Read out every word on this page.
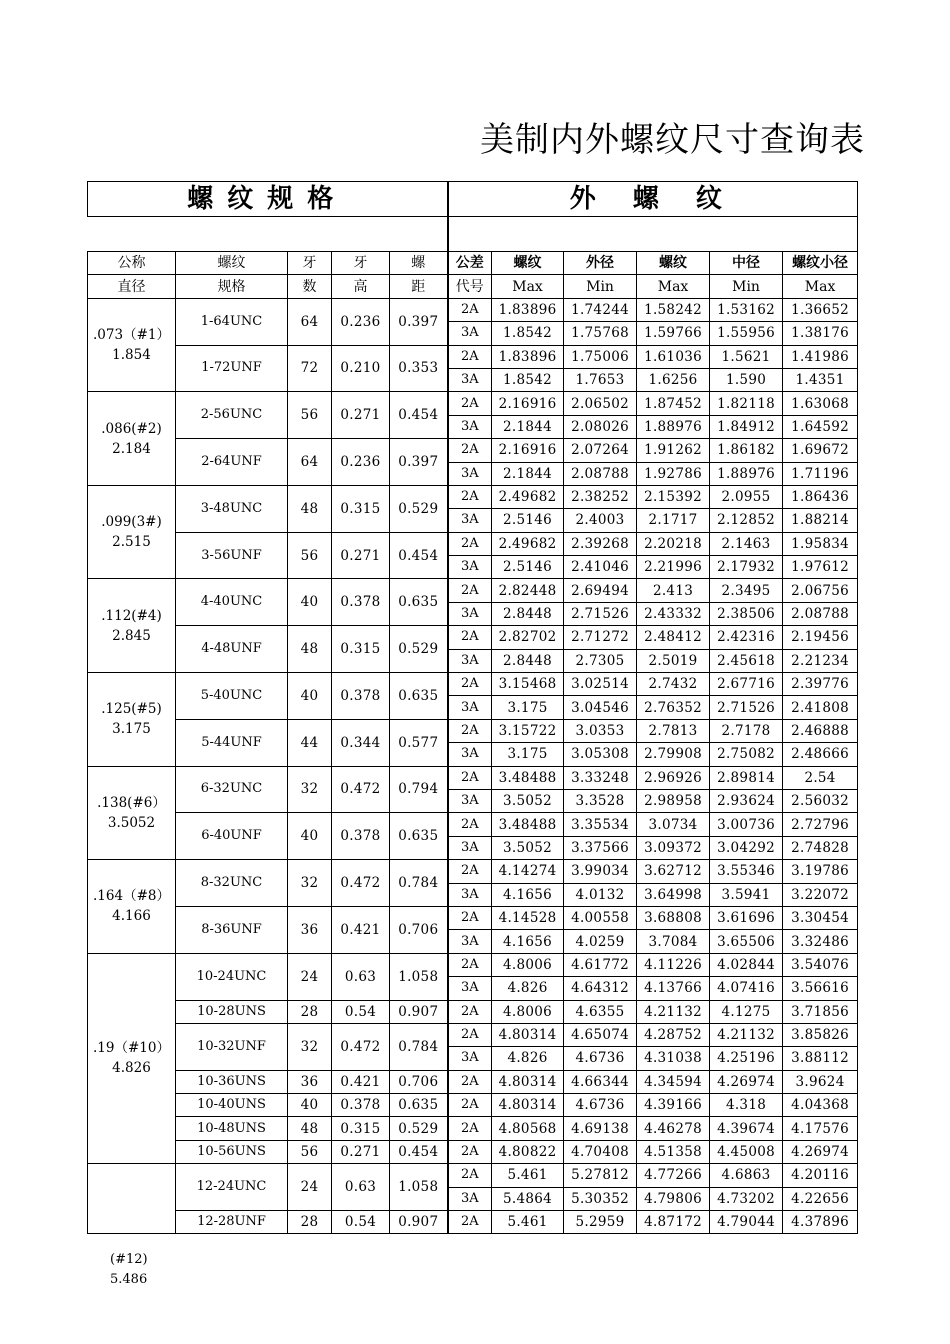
美制内外螺纹尺寸查询表
螺纹规格					外 螺 纹					

公称	螺纹	牙	牙	螺	公差	螺纹	外径	螺纹	中径	螺纹小径
直径	规格	数	高	距	代号	Max	Min	Max	Min	Max

.073（#1）
1.854	1-64UNC	64	0.236	0.397	2A	1.83896	1.74244	1.58242	1.53162	1.36652
					3A	1.8542	1.75768	1.59766	1.55956	1.38176
	1-72UNF	72	0.210	0.353	2A	1.83896	1.75006	1.61036	1.5621	1.41986
					3A	1.8542	1.7653	1.6256	1.590	1.4351

.086(#2)
2.184	2-56UNC	56	0.271	0.454	2A	2.16916	2.06502	1.87452	1.82118	1.63068
					3A	2.1844	2.08026	1.88976	1.84912	1.64592
	2-64UNF	64	0.236	0.397	2A	2.16916	2.07264	1.91262	1.86182	1.69672
					3A	2.1844	2.08788	1.92786	1.88976	1.71196

.099(3#)
2.515	3-48UNC	48	0.315	0.529	2A	2.49682	2.38252	2.15392	2.0955	1.86436
					3A	2.5146	2.4003	2.1717	2.12852	1.88214
	3-56UNF	56	0.271	0.454	2A	2.49682	2.39268	2.20218	2.1463	1.95834
					3A	2.5146	2.41046	2.21996	2.17932	1.97612

.112(#4)
2.845	4-40UNC	40	0.378	0.635	2A	2.82448	2.69494	2.413	2.3495	2.06756
					3A	2.8448	2.71526	2.43332	2.38506	2.08788
	4-48UNF	48	0.315	0.529	2A	2.82702	2.71272	2.48412	2.42316	2.19456
					3A	2.8448	2.7305	2.5019	2.45618	2.21234

.125(#5)
3.175	5-40UNC	40	0.378	0.635	2A	3.15468	3.02514	2.7432	2.67716	2.39776
					3A	3.175	3.04546	2.76352	2.71526	2.41808
	5-44UNF	44	0.344	0.577	2A	3.15722	3.0353	2.7813	2.7178	2.46888
					3A	3.175	3.05308	2.79908	2.75082	2.48666

.138(#6）
3.5052	6-32UNC	32	0.472	0.794	2A	3.48488	3.33248	2.96926	2.89814	2.54
					3A	3.5052	3.3528	2.98958	2.93624	2.56032
	6-40UNF	40	0.378	0.635	2A	3.48488	3.35534	3.0734	3.00736	2.72796
					3A	3.5052	3.37566	3.09372	3.04292	2.74828

.164（#8）
4.166	8-32UNC	32	0.472	0.784	2A	4.14274	3.99034	3.62712	3.55346	3.19786
					3A	4.1656	4.0132	3.64998	3.5941	3.22072
	8-36UNF	36	0.421	0.706	2A	4.14528	4.00558	3.68808	3.61696	3.30454
					3A	4.1656	4.0259	3.7084	3.65506	3.32486

.19（#10）
4.826	10-24UNC	24	0.63	1.058	2A	4.8006	4.61772	4.11226	4.02844	3.54076
					3A	4.826	4.64312	4.13766	4.07416	3.56616
	10-28UNS	28	0.54	0.907	2A	4.8006	4.6355	4.21132	4.1275	3.71856
	10-32UNF	32	0.472	0.784	2A	4.80314	4.65074	4.28752	4.21132	3.85826
					3A	4.826	4.6736	4.31038	4.25196	3.88112
	10-36UNS	36	0.421	0.706	2A	4.80314	4.66344	4.34594	4.26974	3.9624
	10-40UNS	40	0.378	0.635	2A	4.80314	4.6736	4.39166	4.318	4.04368
	10-48UNS	48	0.315	0.529	2A	4.80568	4.69138	4.46278	4.39674	4.17576
	10-56UNS	56	0.271	0.454	2A	4.80822	4.70408	4.51358	4.45008	4.26974
	12-24UNC	24	0.63	1.058	2A	5.461	5.27812	4.77266	4.6863	4.20116
					3A	5.4864	5.30352	4.79806	4.73202	4.22656
	12-28UNF	28	0.54	0.907	2A	5.461	5.2959	4.87172	4.79044	4.37896
(#12)
5.486
